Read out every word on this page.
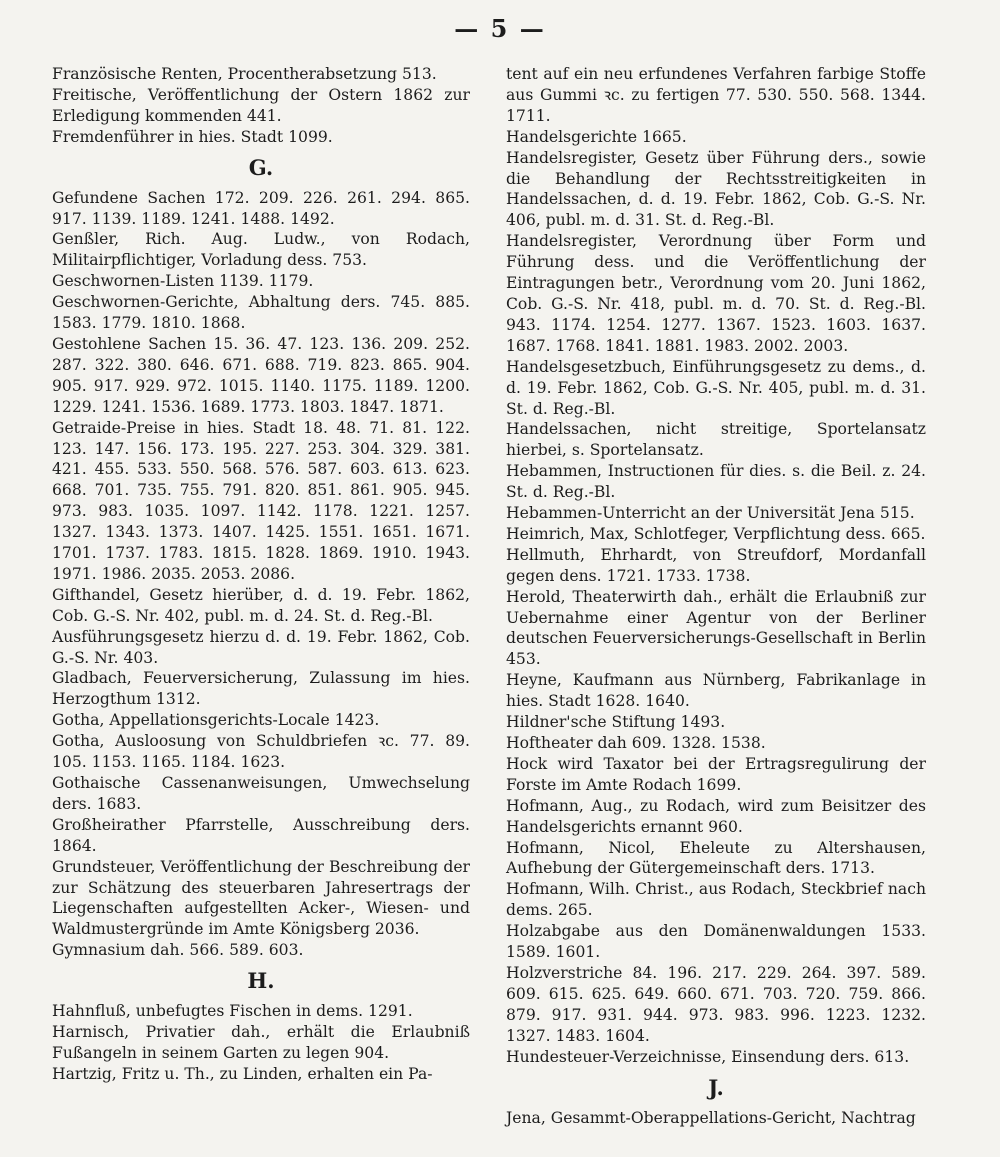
— 5 —
Französische Renten, Procentherabsetzung 513.
Freitische, Veröffentlichung der Ostern 1862 zur Erledigung kommenden 441.
Fremdenführer in hies. Stadt 1099.
G.
Gefundene Sachen 172. 209. 226. 261. 294. 865. 917. 1139. 1189. 1241. 1488. 1492.
Genßler, Rich. Aug. Ludw., von Rodach, Militairpflichtiger, Vorladung dess. 753.
Geschwornen-Listen 1139. 1179.
Geschwornen-Gerichte, Abhaltung ders. 745. 885. 1583. 1779. 1810. 1868.
Gestohlene Sachen 15. 36. 47. 123. 136. 209. 252. 287. 322. 380. 646. 671. 688. 719. 823. 865. 904. 905. 917. 929. 972. 1015. 1140. 1175. 1189. 1200. 1229. 1241. 1536. 1689. 1773. 1803. 1847. 1871.
Getraide-Preise in hies. Stadt 18. 48. 71. 81. 122. 123. 147. 156. 173. 195. 227. 253. 304. 329. 381. 421. 455. 533. 550. 568. 576. 587. 603. 613. 623. 668. 701. 735. 755. 791. 820. 851. 861. 905. 945. 973. 983. 1035. 1097. 1142. 1178. 1221. 1257. 1327. 1343. 1373. 1407. 1425. 1551. 1651. 1671. 1701. 1737. 1783. 1815. 1828. 1869. 1910. 1943. 1971. 1986. 2035. 2053. 2086.
Gifthandel, Gesetz hierüber, d. d. 19. Febr. 1862, Cob. G.-S. Nr. 402, publ. m. d. 24. St. d. Reg.-Bl.
Ausführungsgesetz hierzu d. d. 19. Febr. 1862, Cob. G.-S. Nr. 403.
Gladbach, Feuerversicherung, Zulassung im hies. Herzogthum 1312.
Gotha, Appellationsgerichts-Locale 1423.
Gotha, Ausloosung von Schuldbriefen ꝛc. 77. 89. 105. 1153. 1165. 1184. 1623.
Gothaische Cassenanweisungen, Umwechselung ders. 1683.
Großheirather Pfarrstelle, Ausschreibung ders. 1864.
Grundsteuer, Veröffentlichung der Beschreibung der zur Schätzung des steuerbaren Jahresertrags der Liegenschaften aufgestellten Acker-, Wiesen- und Waldmustergründe im Amte Königsberg 2036.
Gymnasium dah. 566. 589. 603.
H.
Hahnfluß, unbefugtes Fischen in dems. 1291.
Harnisch, Privatier dah., erhält die Erlaubniß Fußangeln in seinem Garten zu legen 904.
Hartzig, Fritz u. Th., zu Linden, erhalten ein Pa-
tent auf ein neu erfundenes Verfahren farbige Stoffe aus Gummi ꝛc. zu fertigen 77. 530. 550. 568. 1344. 1711.
Handelsgerichte 1665.
Handelsregister, Gesetz über Führung ders., sowie die Behandlung der Rechtsstreitigkeiten in Handelssachen, d. d. 19. Febr. 1862, Cob. G.-S. Nr. 406, publ. m. d. 31. St. d. Reg.-Bl.
Handelsregister, Verordnung über Form und Führung dess. und die Veröffentlichung der Eintragungen betr., Verordnung vom 20. Juni 1862, Cob. G.-S. Nr. 418, publ. m. d. 70. St. d. Reg.-Bl. 943. 1174. 1254. 1277. 1367. 1523. 1603. 1637. 1687. 1768. 1841. 1881. 1983. 2002. 2003.
Handelsgesetzbuch, Einführungsgesetz zu dems., d. d. 19. Febr. 1862, Cob. G.-S. Nr. 405, publ. m. d. 31. St. d. Reg.-Bl.
Handelssachen, nicht streitige, Sportelansatz hierbei, s. Sportelansatz.
Hebammen, Instructionen für dies. s. die Beil. z. 24. St. d. Reg.-Bl.
Hebammen-Unterricht an der Universität Jena 515.
Heimrich, Max, Schlotfeger, Verpflichtung dess. 665.
Hellmuth, Ehrhardt, von Streufdorf, Mordanfall gegen dens. 1721. 1733. 1738.
Herold, Theaterwirth dah., erhält die Erlaubniß zur Uebernahme einer Agentur von der Berliner deutschen Feuerversicherungs-Gesellschaft in Berlin 453.
Heyne, Kaufmann aus Nürnberg, Fabrikanlage in hies. Stadt 1628. 1640.
Hildner'sche Stiftung 1493.
Hoftheater dah 609. 1328. 1538.
Hock wird Taxator bei der Ertragsregulirung der Forste im Amte Rodach 1699.
Hofmann, Aug., zu Rodach, wird zum Beisitzer des Handelsgerichts ernannt 960.
Hofmann, Nicol, Eheleute zu Altershausen, Aufhebung der Gütergemeinschaft ders. 1713.
Hofmann, Wilh. Christ., aus Rodach, Steckbrief nach dems. 265.
Holzabgabe aus den Domänenwaldungen 1533. 1589. 1601.
Holzverstriche 84. 196. 217. 229. 264. 397. 589. 609. 615. 625. 649. 660. 671. 703. 720. 759. 866. 879. 917. 931. 944. 973. 983. 996. 1223. 1232. 1327. 1483. 1604.
Hundesteuer-Verzeichnisse, Einsendung ders. 613.
J.
Jena, Gesammt-Oberappellations-Gericht, Nachtrag
